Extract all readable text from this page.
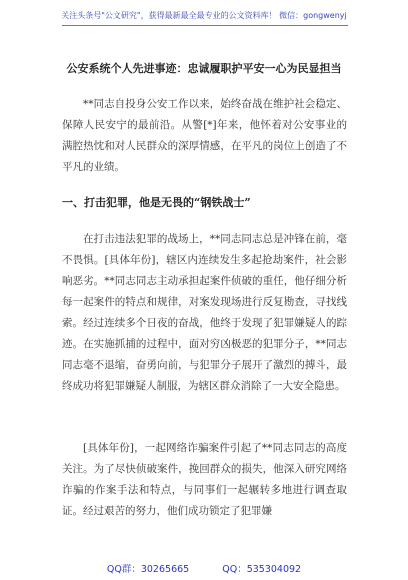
关注头条号"公文研究"，获得最新最全最专业的公文资料库！ 微信：gongwenyj
公安系统个人先进事迹：忠诚履职护平安一心为民显担当

**同志自投身公安工作以来，始终奋战在维护社会稳定、保障人民安宁的最前沿。从警[*]年来，他怀着对公安事业的满腔热忱和对人民群众的深厚情感，在平凡的岗位上创造了不平凡的业绩。

一、打击犯罪，他是无畏的“钢铁战士”

在打击违法犯罪的战场上，**同志同志总是冲锋在前，毫不畏惧。[具体年份]，辖区内连续发生多起抢劫案件，社会影响恶劣。**同志同志主动承担起案件侦破的重任，他仔细分析每一起案件的特点和规律，对案发现场进行反复勘查，寻找线索。经过连续多个日夜的奋战，他终于发现了犯罪嫌疑人的踪迹。在实施抓捕的过程中，面对穷凶极恶的犯罪分子，**同志同志毫不退缩，奋勇向前，与犯罪分子展开了激烈的搏斗，最终成功将犯罪嫌疑人制服，为辖区群众消除了一大安全隐患。

[具体年份]，一起网络诈骗案件引起了**同志同志的高度关注。为了尽快侦破案件，挽回群众的损失，他深入研究网络诈骗的作案手法和特点，与同事们一起辗转多地进行调查取证。经过艰苦的努力，他们成功锁定了犯罪嫌

QQ群：30265665	QQ：535304092
